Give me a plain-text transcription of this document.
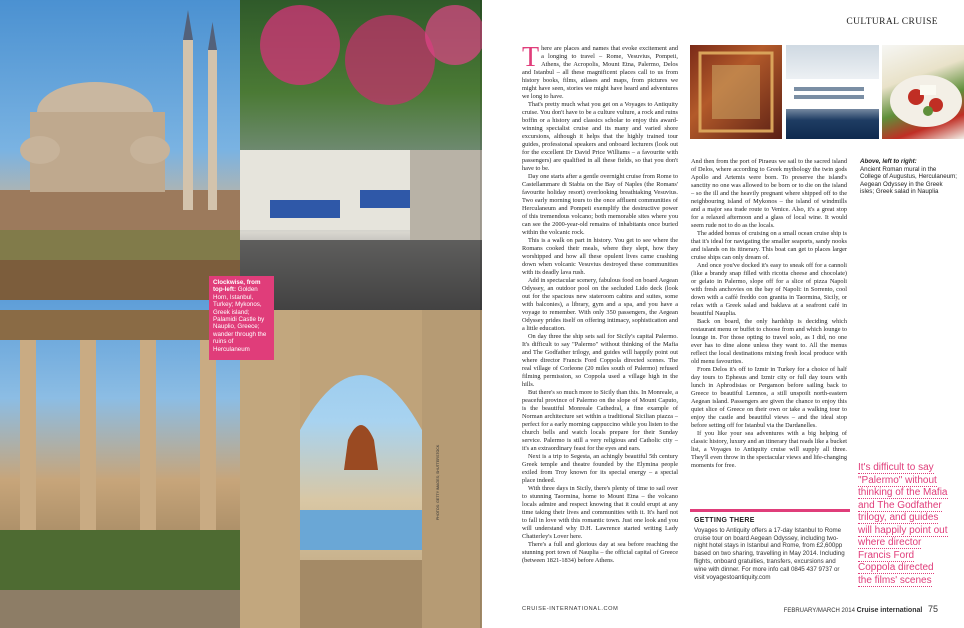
Clockwise, from top-left: Golden Horn, Istanbul, Turkey; Mykonos, Greek island; Palamidi Castle by Nauplio, Greece; wander through the ruins of Herculaneum
PHOTOS: GETTY IMAGES; SHUTTERSTOCK
CULTURAL CRUISE

There are places and names that evoke excitement and a longing to travel – Rome, Vesuvius, Pompeii, Athens, the Acropolis, Mount Etna, Palermo, Delos and Istanbul – all these magnificent places call to us from history books, films, atlases and maps, from pictures we might have seen, stories we might have heard and adventures we long to have.

That's pretty much what you get on a Voyages to Antiquity cruise. You don't have to be a culture vulture, a rock and ruins boffin or a history and classics scholar to enjoy this award-winning specialist cruise and its many and varied shore excursions, although it helps that the highly trained tour guides, professional speakers and onboard lecturers (look out for the excellent Dr David Price Williams – a favourite with passengers) are qualified in all these fields, so that you don't have to be.

Day one starts after a gentle overnight cruise from Rome to Castellammare di Stabia on the Bay of Naples (the Romans' favourite holiday resort) overlooking breathtaking Vesuvius. Two early morning tours to the once affluent communities of Herculaneum and Pompeii exemplify the destructive power of this tremendous volcano; both memorable sites where you can see the 2000-year-old remains of inhabitants once buried within the volcanic rock.

This is a walk on part in history. You get to see where the Romans cooked their meals, where they slept, how they worshipped and how all these opulent lives came crashing down when volcanic Vesuvius destroyed these communities with its deadly lava rush.

Add in spectacular scenery, fabulous food on board Aegean Odyssey, an outdoor pool on the secluded Lido deck (look out for the spacious new stateroom cabins and suites, some with balconies), a library, gym and a spa, and you have a voyage to remember. With only 350 passengers, the Aegean Odyssey prides itself on offering intimacy, sophistication and a little education.

On day three the ship sets sail for Sicily's capital Palermo. It's difficult to say "Palermo" without thinking of the Mafia and The Godfather trilogy, and guides will happily point out where director Francis Ford Coppola directed scenes. The real village of Corleone (20 miles south of Palermo) refused filming permission, so Coppola used a village high in the hills.

But there's so much more to Sicily than this. In Monreale, a peaceful province of Palermo on the slope of Mount Caputo, is the beautiful Monreale Cathedral, a fine example of Norman architecture set within a traditional Sicilian piazza – perfect for a early morning cappuccino while you listen to the church bells and watch locals prepare for their Sunday service. Palermo is still a very religious and Catholic city – it's an extraordinary feast for the eyes and ears.

Next is a trip to Segesta, an achingly beautiful 5th century Greek temple and theatre founded by the Elymina people exiled from Troy known for its special energy – a special place indeed.

With three days in Sicily, there's plenty of time to sail over to stunning Taormina, home to Mount Etna – the volcano locals admire and respect knowing that it could erupt at any time taking their lives and communities with it. It's hard not to fall in love with this romantic town. Just one look and you will understand why D.H. Lawrence started writing Lady Chatterley's Lover here.

There's a full and glorious day at sea before reaching the stunning port town of Nauplia – the official capital of Greece (between 1821-1834) before Athens.

Above, left to right:
Ancient Roman mural in the College of Augustus, Herculaneum; Aegean Odyssey in the Greek isles; Greek salad in Nauplia

And then from the port of Piraeus we sail to the sacred island of Delos, where according to Greek mythology the twin gods Apollo and Artemis were born. To preserve the island's sanctity no one was allowed to be born or to die on the island – so the ill and the heavily pregnant where shipped off to the neighbouring island of Mykonos – the island of windmills and a major sea trade route to Venice. Also, it's a great stop for a relaxed afternoon and a glass of local wine. It would seem rude not to do as the locals.

The added bonus of cruising on a small ocean cruise ship is that it's ideal for navigating the smaller seaports, sandy nooks and islands on its itinerary. This boat can get to places larger cruise ships can only dream of.

And once you've docked it's easy to sneak off for a cannoli (like a brandy snap filled with ricotta cheese and chocolate) or gelato in Palermo, slope off for a slice of pizza Napoli with fresh anchovies on the bay of Napoli: in Sorrento, cool down with a caffè freddo con granita in Taormina, Sicily, or relax with a Greek salad and baklava at a seafront café in beautiful Nauplia.

Back on board, the only hardship is deciding which restaurant menu or buffet to choose from and which lounge to lounge in. For those opting to travel solo, as I did, no one ever has to dine alone unless they want to. All the menus reflect the local destinations mixing fresh local produce with old menu favourites.

From Delos it's off to Izmir in Turkey for a choice of half day tours to Ephesus and Izmir city or full day tours with lunch in Aphrodisias or Pergamon before sailing back to Greece to beautiful Lemnos, a still unspoilt north-eastern Aegean island. Passengers are given the chance to enjoy this quiet slice of Greece on their own or take a walking tour to enjoy the castle and beautiful views – and the ideal stop before setting off for Istanbul via the Dardanelles.

If you like your sea adventures with a big helping of classic history, luxury and an itinerary that reads like a bucket list, a Voyages to Antiquity cruise will supply all three. They'll even throw in the spectacular views and life-changing moments for free.

GETTING THERE
Voyages to Antiquity offers a 17-day Istanbul to Rome cruise tour on board Aegean Odyssey, including two-night hotel stays in Istanbul and Rome, from £2,600pp based on two sharing, travelling in May 2014. Including flights, onboard gratuities, transfers, excursions and wine with dinner. For more info call 0845 437 9737 or visit voyagestoantiquity.com
It's difficult to say "Palermo" without thinking of the Mafia and The Godfather trilogy, and guides will happily point out where director Francis Ford Coppola directed the films' scenes
CRUISE-INTERNATIONAL.COM	FEBRUARY/MARCH 2014 Cruise international 75
